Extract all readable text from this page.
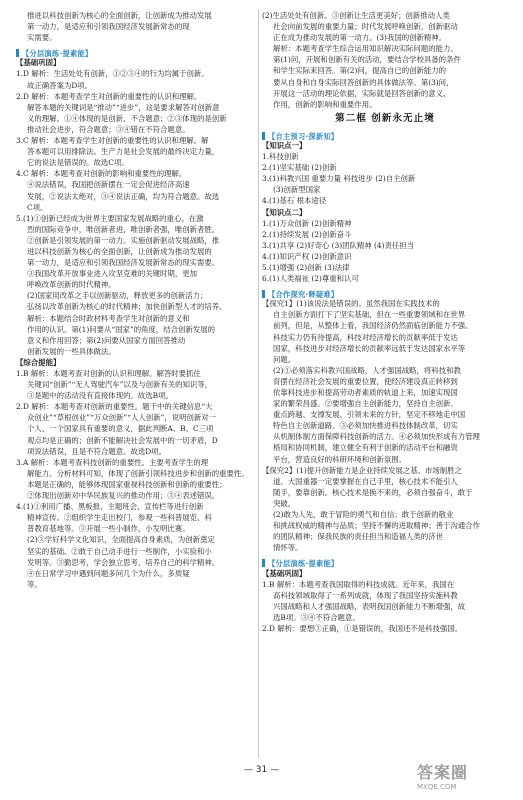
推进以科技创新为核心的全面创新，让创新成为推动发展
第一动力，是适应和引领我国经济发展新常态的现
实需要。
【分层演练·提素能】
【基础巩固】
1.D 解析：生活处处有创新，①②③④的行为均属于创新。
故正确答案为D项。
2.D 解析：本题考查学生对创新的重要性的认识和理解。
解答本题的关键词是“推动”“进步”，这是要求解答对创新意
义的理解。①④体现的是创新，不合题意；②③体现的是创新
推动社会进步，符合题意；③④错在不符合题意。
3.C 解析：本题考查学生对创新的重要性的认识和理解。解
答本题可以用排除法。生产力是社会发展的最终决定力量，
它的说法是错误的。故选C项。
4.C 解析：本题考查对创新的影响和重要性的理解。
④说法错误，我国把创新摆在一定会促进经济高速
发展，②说法太绝对，③④说法正确，均为符合题意。故选
C项。
5.(1)①创新已经成为世界主要国家发展战略的重心。在激
烈的国际竞争中，唯创新者进，唯创新者强，唯创新者胜。
②创新是引领发展的第一动力。实施创新驱动发展战略，推
进以科技创新为核心的全面创新，让创新成为推动发展的
第一动力，是适应和引领我国经济发展新常态的现实需要。
③我国改革开放事业进入攻坚克难的关键时期，更加
呼唤改革创新的时代精神。
(2)国家用改革之手以创新驱动，释放更多的创新活力；
弘扬以改革创新为核心的时代精神；加快创新型人才的培养。
解析：本题结合时政材料考查学生对创新的意义和
作用的认识。第(1)问要从“国家”的角度，结合创新发展的
意义和作用回答；第(2)问要从国家方面回答推动
创新发展的一些具体做法。
【综合提能】
1.B 解析：本题考查对创新的认识和理解。解答时要抓住
关键词“创新”“无人驾驶汽车”以及与创新有关的知识等，
③是题中的活动没有直接体现的。故选B项。
2.D 解析：本题考查对创新的重要性。题干中的关键信息“大
众创业”“草根创业”“万众创新”“人人创新”，说明创新对一
个人、一个国家具有重要的意义，据此判断A、B、C三项
观点均是正确的；创新不能解决社会发展中的一切矛盾，D
项说法错误，且是不符合题意。故选D项。
3.A 解析：本题考查科技创新的重要性。主要考查学生的理
解能力。分析材料可知，体现了创新引领科技进步和创新的重要性。
本题是正确的，能够体现国家重视科技创新和创新的重要性；
②体现出创新对中华民族复兴的推动作用；③④表述错误。
4.(1)①利用广播、黑板报、主题班会、宣传栏等进行创新
精神宣传。②组织学生走出校门，参观一些科普展览、科
普教育基地等。③开展一些小制作，小发明比赛。
(2)③学好科学文化知识，全面提高自身素质，为创新奠定
坚实的基础。②敢于自己动手进行一些制作，小实验和小
发明等。③勤思考，学会独立思考，培养自己的科学精神。
④在日常学习中遇到问题多问几个为什么，多质疑
等。
(2)生活处处有创新。③创新让生活更美好；创新推动人类
社会向前发展的重要力量；时代发展呼唤创新，创新驱动
正在成为推动发展的第一动力。(3)我国的创新精神。
解析：本题考查学生综合运用知识解决实际问题的能力。
第(1)问，开展和创新有关的活动，要结合学校具备的条件
和学生实际来回答。第(2)问，提高自已的创新能力的
要从自身和自身实际回答创新的具体做法等。第(3)问，
开展这一活动的理论依据，实际就是回答创新的意义、
作用，创新的影响和重要作用。
第二框 创新永无止境
【自主预习·探新知】
【知识点一】
1.科技创新
2.(1)坚实基础 (2)创新
3.(1)科教兴国 重要力量 科技进步 (2)自主创新
(3)创新型国家
4.(1)基石 根本途径
【知识点二】
1.(1)万众创新 (2)创新精神
2.(1)持续发展 (2)创新奋斗
3.(1)共享 (2)好奇心 (3)团队精神 (4)责任担当
4.(1)知识产权 (2)创新意识
5.(1)增强 (2)创新 (3)法律
6.(1)人类福祉 (2)尊重和认可
【合作探究·释疑难】
【探究1】(1)该说法是错误的。虽然我国在实践技术的
自主创新方面打下了坚实基础，但在一些重要领域和在世界
前列，但是，从整体上看，我国经济仍然面临创新能力不强、
科技实力仍有待提高，科技对经济增长的贡献率低于发达
国家，科技进步对经济增长的贡献率远低于发达国家水平等
问题。
(2)①必须落实科教兴国战略，人才强国战略，将科技和教
育摆在经济社会发展的重要位置，使经济建设真正转移到
依靠科技进步和提高劳动者素质的轨道上来，加速实现国
家的繁荣昌盛。②要增强自主创新能力，坚持自主创新、
重点跨越、支撑发展、引领未来的方针，坚定不移地走中国
特色自主创新道路。③必须加快推进科技体制改革，切实
从机制体制方面保障科技创新的活力。④必须加快形成有力管理
格局和协同机制，建立健全有利于创新的活动平台和融资
平台，营造良好的科研环境和创新氛围。
【探究2】(1)提升创新能力是企业持续发展之基、市场制胜之
道。大国重器一定要掌握在自己手里，核心技术不能引人
随手，要靠创新。核心技术是换不来的，必须自强奋斗，敢于
突破。
(2)敢为人先，敢于冒险的勇气和自信；敢于创新的敬业
和挑战权威的精神与品质；坚持不懈的进取精神；善于沟通合作
的团队精神；保我民族的责任担当和造福人类的济世
情怀等。
【分层演练·提素能】
【基础巩固】
1.B 解析：本题考查我国取得的科技成就。近年来，我国在
高科技领域取得了一系列成就，体现了我国坚持实施科教
兴国战略和人才强国战略，表明我国创新能力不断增强，故
选B项。③④不符合题意。
2.D 解析：要想③正确，①是错误的，我国还不是科技强国。
— 31 —	答案圈
MXQE.COM
